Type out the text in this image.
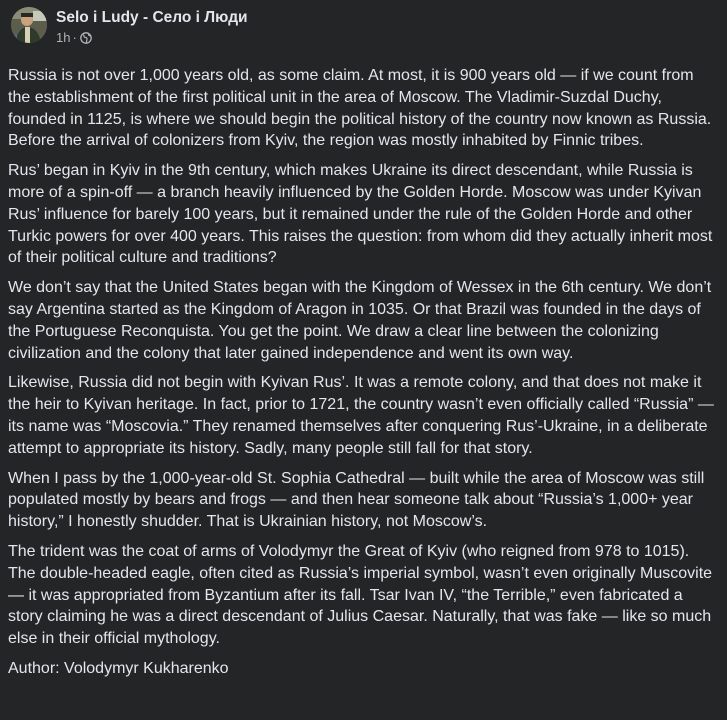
Selo i Ludy - Село і Люди
1h ·

Russia is not over 1,000 years old, as some claim. At most, it is 900 years old — if we count from the establishment of the first political unit in the area of Moscow. The Vladimir-Suzdal Duchy, founded in 1125, is where we should begin the political history of the country now known as Russia. Before the arrival of colonizers from Kyiv, the region was mostly inhabited by Finnic tribes.

Rus’ began in Kyiv in the 9th century, which makes Ukraine its direct descendant, while Russia is more of a spin-off — a branch heavily influenced by the Golden Horde. Moscow was under Kyivan Rus’ influence for barely 100 years, but it remained under the rule of the Golden Horde and other Turkic powers for over 400 years. This raises the question: from whom did they actually inherit most of their political culture and traditions?

We don’t say that the United States began with the Kingdom of Wessex in the 6th century. We don’t say Argentina started as the Kingdom of Aragon in 1035. Or that Brazil was founded in the days of the Portuguese Reconquista. You get the point. We draw a clear line between the colonizing civilization and the colony that later gained independence and went its own way.

Likewise, Russia did not begin with Kyivan Rus’. It was a remote colony, and that does not make it the heir to Kyivan heritage. In fact, prior to 1721, the country wasn’t even officially called “Russia” — its name was “Moscovia.” They renamed themselves after conquering Rus’-Ukraine, in a deliberate attempt to appropriate its history. Sadly, many people still fall for that story.

When I pass by the 1,000-year-old St. Sophia Cathedral — built while the area of Moscow was still populated mostly by bears and frogs — and then hear someone talk about “Russia’s 1,000+ year history,” I honestly shudder. That is Ukrainian history, not Moscow’s.

The trident was the coat of arms of Volodymyr the Great of Kyiv (who reigned from 978 to 1015). The double-headed eagle, often cited as Russia’s imperial symbol, wasn’t even originally Muscovite — it was appropriated from Byzantium after its fall. Tsar Ivan IV, “the Terrible,” even fabricated a story claiming he was a direct descendant of Julius Caesar. Naturally, that was fake — like so much else in their official mythology.

Author: Volodymyr Kukharenko
